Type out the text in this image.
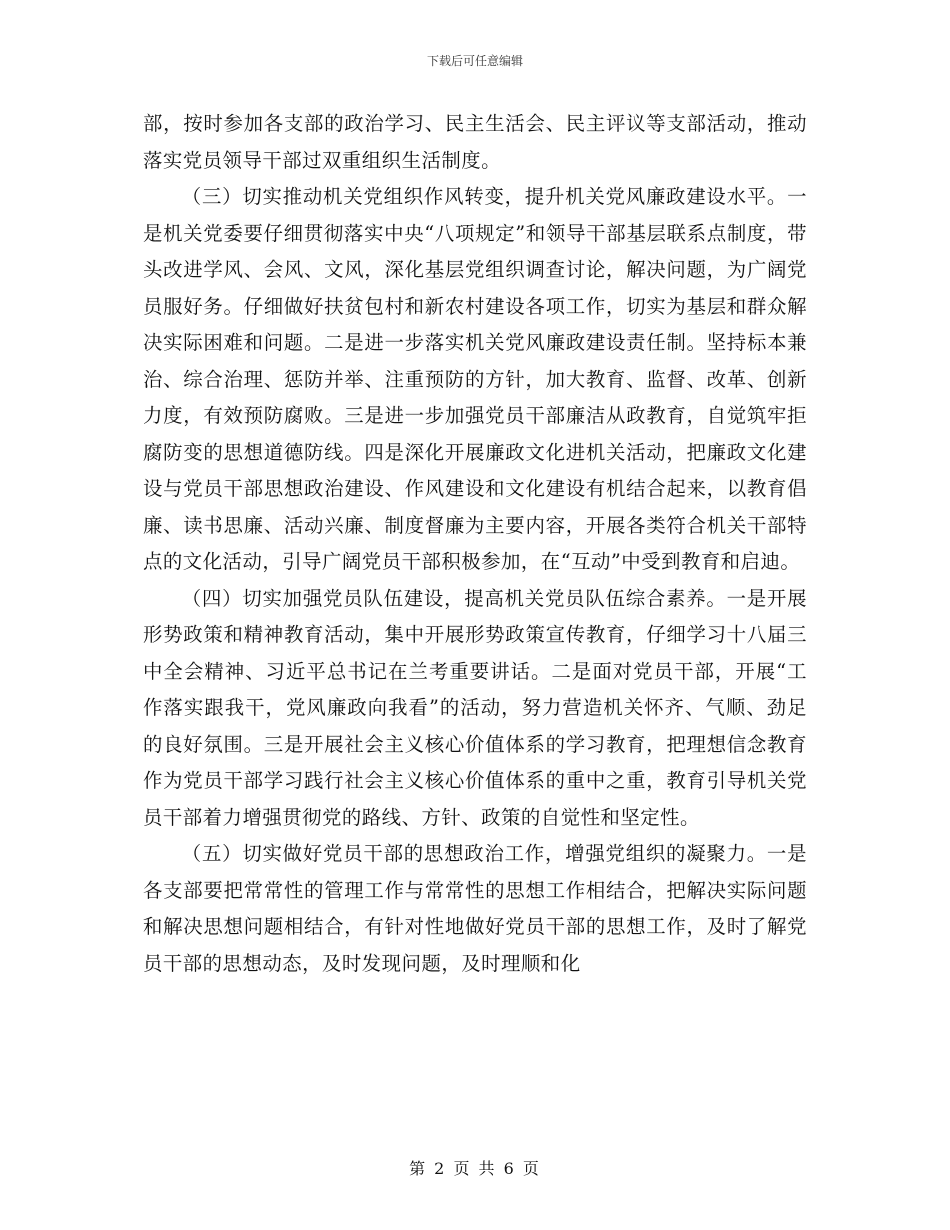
下载后可任意编辑

部，按时参加各支部的政治学习、民主生活会、民主评议等支部活动，推动落实党员领导干部过双重组织生活制度。

（三）切实推动机关党组织作风转变，提升机关党风廉政建设水平。一是机关党委要仔细贯彻落实中央“八项规定”和领导干部基层联系点制度，带头改进学风、会风、文风，深化基层党组织调查讨论，解决问题，为广阔党员服好务。仔细做好扶贫包村和新农村建设各项工作，切实为基层和群众解决实际困难和问题。二是进一步落实机关党风廉政建设责任制。坚持标本兼治、综合治理、惩防并举、注重预防的方针，加大教育、监督、改革、创新力度，有效预防腐败。三是进一步加强党员干部廉洁从政教育，自觉筑牢拒腐防变的思想道德防线。四是深化开展廉政文化进机关活动，把廉政文化建设与党员干部思想政治建设、作风建设和文化建设有机结合起来，以教育倡廉、读书思廉、活动兴廉、制度督廉为主要内容，开展各类符合机关干部特点的文化活动，引导广阔党员干部积极参加，在“互动”中受到教育和启迪。

（四）切实加强党员队伍建设，提高机关党员队伍综合素养。一是开展形势政策和精神教育活动，集中开展形势政策宣传教育，仔细学习十八届三中全会精神、习近平总书记在兰考重要讲话。二是面对党员干部，开展“工作落实跟我干，党风廉政向我看”的活动，努力营造机关怀齐、气顺、劲足的良好氛围。三是开展社会主义核心价值体系的学习教育，把理想信念教育作为党员干部学习践行社会主义核心价值体系的重中之重，教育引导机关党员干部着力增强贯彻党的路线、方针、政策的自觉性和坚定性。

（五）切实做好党员干部的思想政治工作，增强党组织的凝聚力。一是各支部要把常常性的管理工作与常常性的思想工作相结合，把解决实际问题和解决思想问题相结合，有针对性地做好党员干部的思想工作，及时了解党员干部的思想动态，及时发现问题，及时理顺和化

第 2 页 共 6 页
